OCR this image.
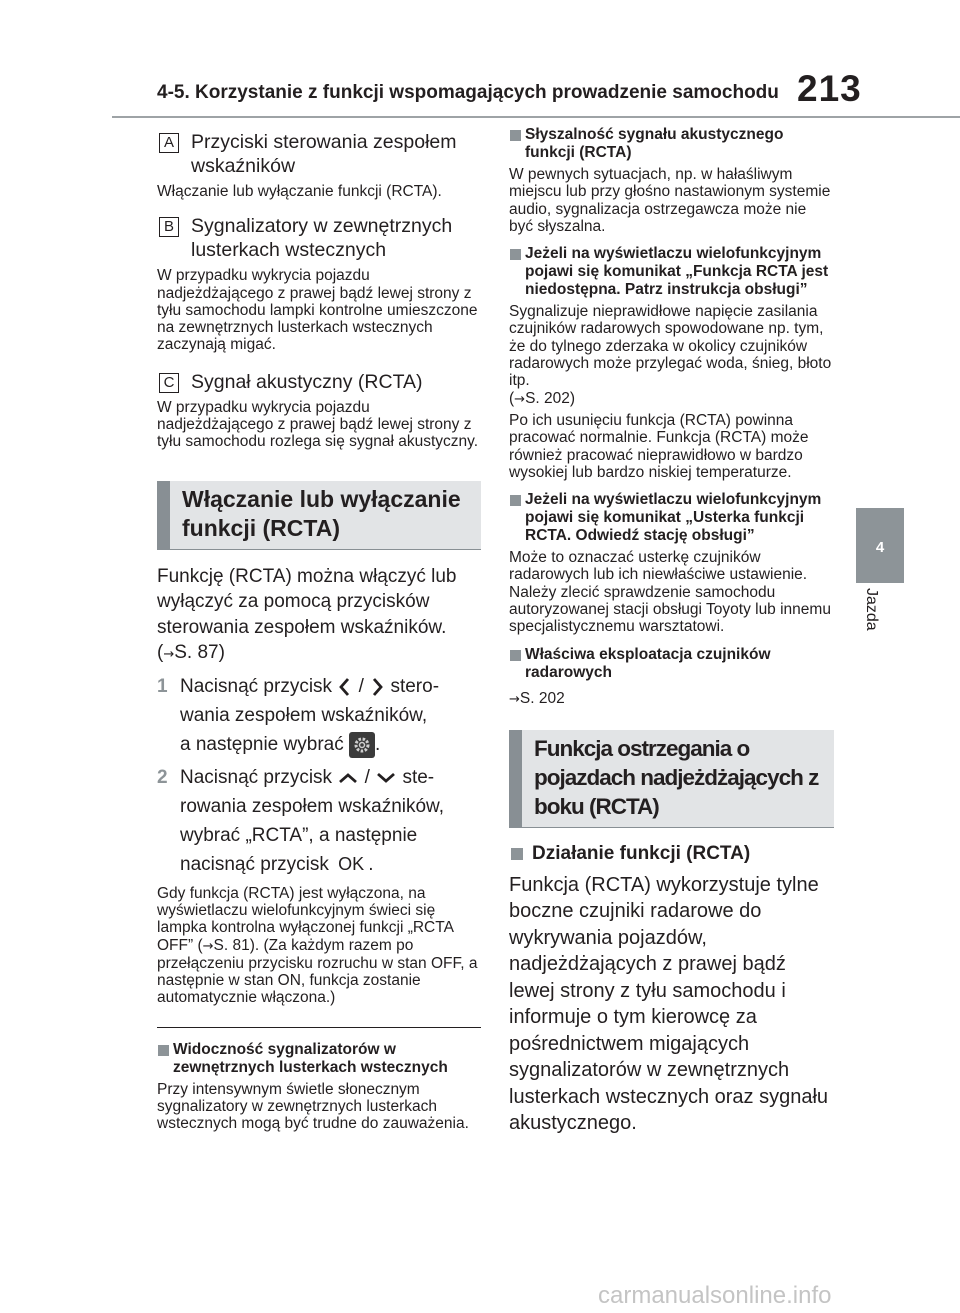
4-5. Korzystanie z funkcji wspomagających prowadzenie samochodu 213
4
Jazda
A Przyciski sterowania zespołem wskaźników
Włączanie lub wyłączanie funkcji (RCTA).
B Sygnalizatory w zewnętrznych lusterkach wstecznych
W przypadku wykrycia pojazdu nadjeżdżającego z prawej bądź lewej strony z tyłu samochodu lampki kontrolne umieszczone na zewnętrznych lusterkach wstecznych zaczynają migać.
C Sygnał akustyczny (RCTA)
W przypadku wykrycia pojazdu nadjeżdżającego z prawej bądź lewej strony z tyłu samochodu rozlega się sygnał akustyczny.
Włączanie lub wyłączanie funkcji (RCTA)
Funkcję (RCTA) można włączyć lub wyłączyć za pomocą przycisków sterowania zespołem wskaźników.
(→S. 87)
1 Nacisnąć przycisk / stero-wania zespołem wskaźników,
a następnie wybrać .
2 Nacisnąć przycisk / ste-rowania zespołem wskaźników, wybrać „RCTA”, a następnie nacisnąć przycisk OK .
Gdy funkcja (RCTA) jest wyłączona, na wyświetlaczu wielofunkcyjnym świeci się lampka kontrolna wyłączonej funkcji „RCTA OFF” (→S. 81). (Za każdym razem po przełączeniu przycisku rozruchu w stan OFF, a następnie w stan ON, funkcja zostanie automatycznie włączona.)
Widoczność sygnalizatorów w zewnętrznych lusterkach wstecznych
Przy intensywnym świetle słonecznym sygnalizatory w zewnętrznych lusterkach wstecznych mogą być trudne do zauważenia.
Słyszalność sygnału akustycznego funkcji (RCTA)
W pewnych sytuacjach, np. w hałaśliwym miejscu lub przy głośno nastawionym systemie audio, sygnalizacja ostrzegawcza może nie być słyszalna.
Jeżeli na wyświetlaczu wielofunkcyjnym pojawi się komunikat „Funkcja RCTA jest niedostępna. Patrz instrukcja obsługi”
Sygnalizuje nieprawidłowe napięcie zasilania czujników radarowych spowodowane np. tym, że do tylnego zderzaka w okolicy czujników radarowych może przylegać woda, śnieg, błoto itp.
(→S. 202)
Po ich usunięciu funkcja (RCTA) powinna pracować normalnie. Funkcja (RCTA) może również pracować nieprawidłowo w bardzo wysokiej lub bardzo niskiej temperaturze.
Jeżeli na wyświetlaczu wielofunkcyjnym pojawi się komunikat „Usterka funkcji RCTA. Odwiedź stację obsługi”
Może to oznaczać usterkę czujników radarowych lub ich niewłaściwe ustawienie. Należy zlecić sprawdzenie samochodu autoryzowanej stacji obsługi Toyoty lub innemu specjalistycznemu warsztatowi.
Właściwa eksploatacja czujników radarowych
→S. 202
Funkcja ostrzegania o pojazdach nadjeżdżających z boku (RCTA)
Działanie funkcji (RCTA)
Funkcja (RCTA) wykorzystuje tylne boczne czujniki radarowe do wykrywania pojazdów, nadjeżdżających z prawej bądź lewej strony z tyłu samochodu i informuje o tym kierowcę za pośrednictwem migających sygnalizatorów w zewnętrznych lusterkach wstecznych oraz sygnału akustycznego.
carmanualsonline.info
